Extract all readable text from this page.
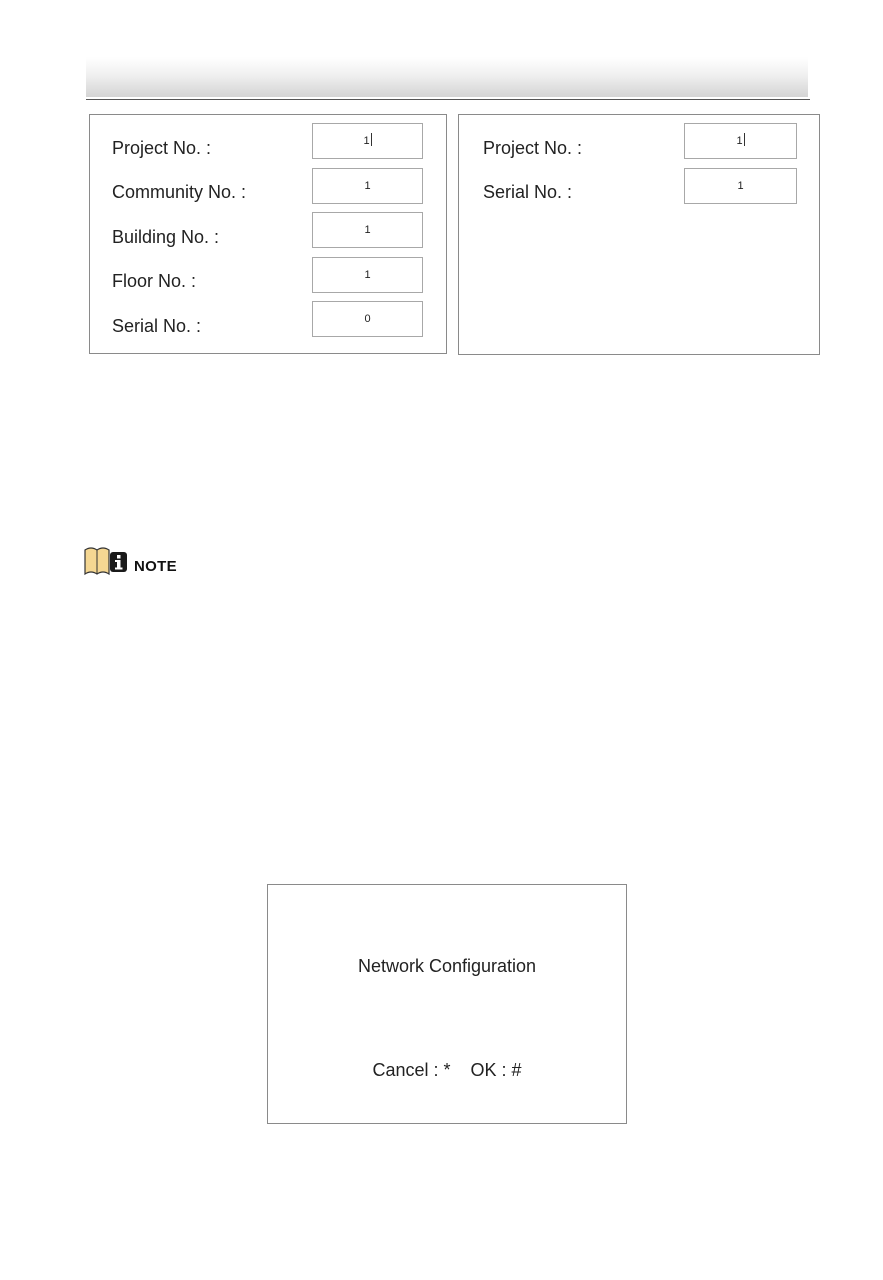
Project No. :	1
Community No. :	1
Building No. :	1
Floor No. :	1
Serial No. :	0
Project No. :	1
Serial No. :	1
NOTE
Network Configuration
Cancel : * OK : #
